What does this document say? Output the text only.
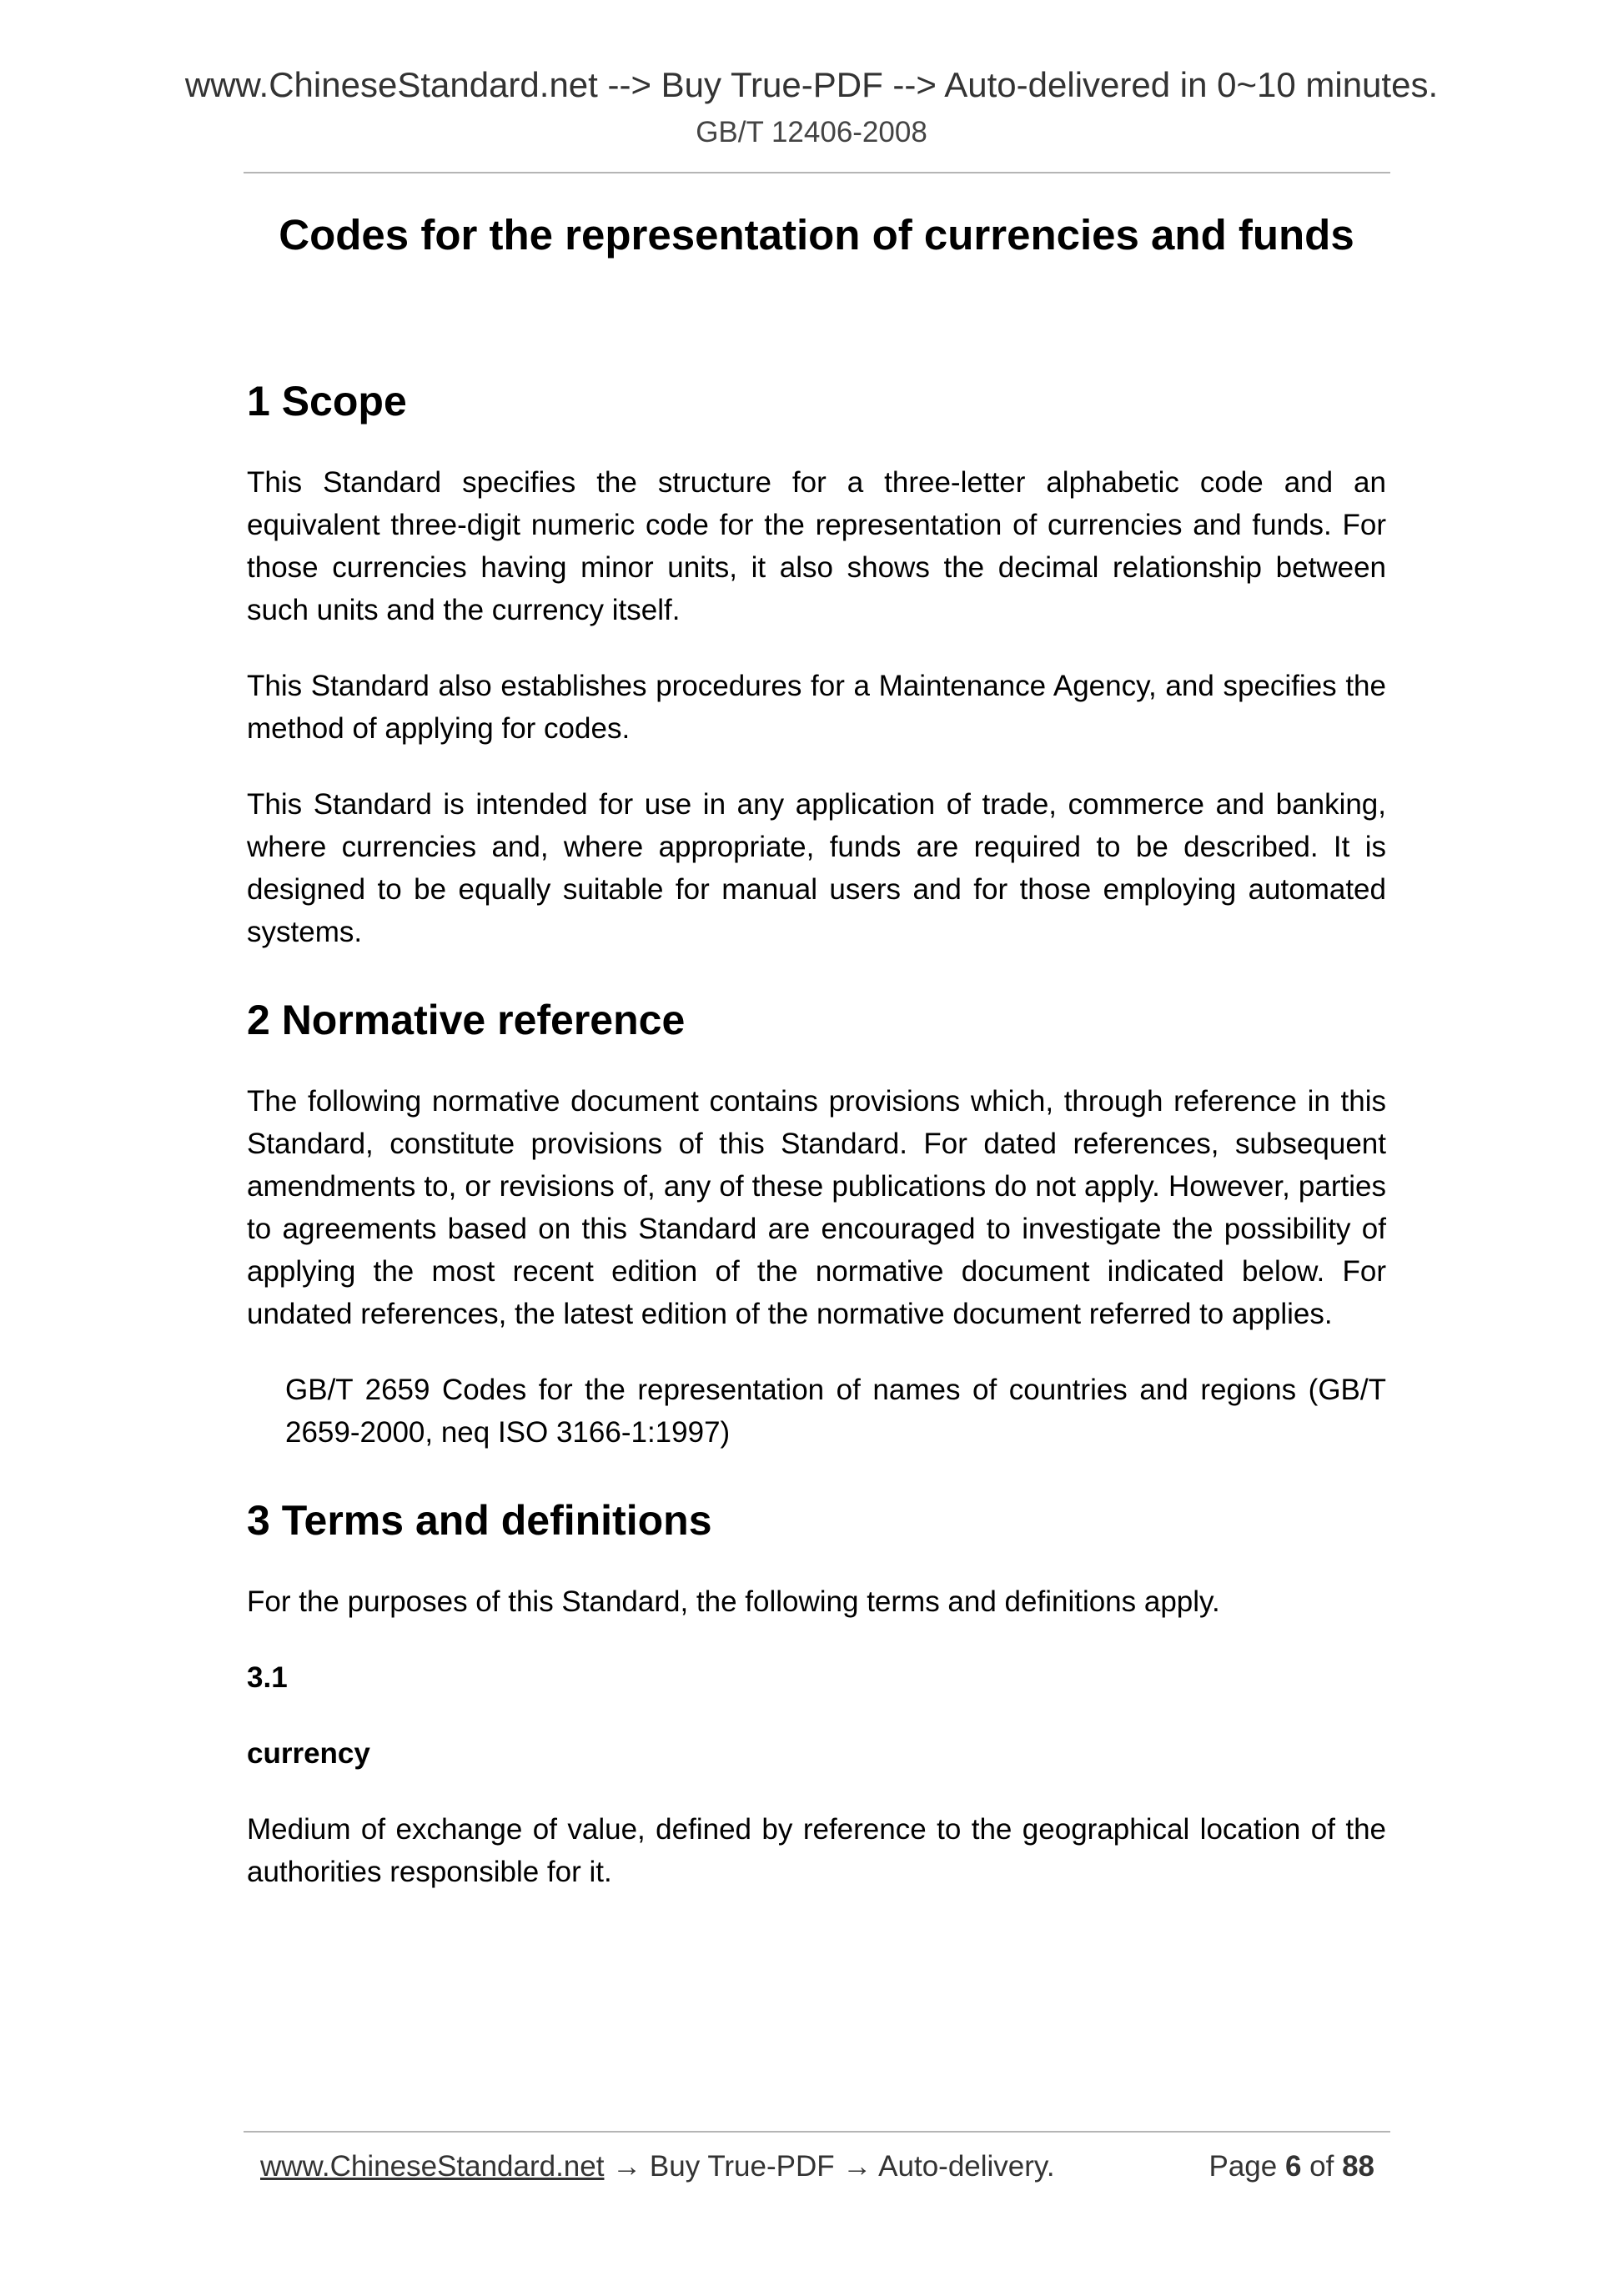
www.ChineseStandard.net --> Buy True-PDF --> Auto-delivered in 0~10 minutes.
GB/T 12406-2008
Codes for the representation of currencies and funds
1 Scope

This Standard specifies the structure for a three-letter alphabetic code and an equivalent three-digit numeric code for the representation of currencies and funds. For those currencies having minor units, it also shows the decimal relationship between such units and the currency itself.

This Standard also establishes procedures for a Maintenance Agency, and specifies the method of applying for codes.

This Standard is intended for use in any application of trade, commerce and banking, where currencies and, where appropriate, funds are required to be described. It is designed to be equally suitable for manual users and for those employing automated systems.

2 Normative reference

The following normative document contains provisions which, through reference in this Standard, constitute provisions of this Standard. For dated references, subsequent amendments to, or revisions of, any of these publications do not apply. However, parties to agreements based on this Standard are encouraged to investigate the possibility of applying the most recent edition of the normative document indicated below. For undated references, the latest edition of the normative document referred to applies.

GB/T 2659 Codes for the representation of names of countries and regions (GB/T 2659-2000, neq ISO 3166-1:1997)

3 Terms and definitions

For the purposes of this Standard, the following terms and definitions apply.

3.1

currency

Medium of exchange of value, defined by reference to the geographical location of the authorities responsible for it.

www.ChineseStandard.net → Buy True-PDF → Auto-delivery.	Page 6 of 88
